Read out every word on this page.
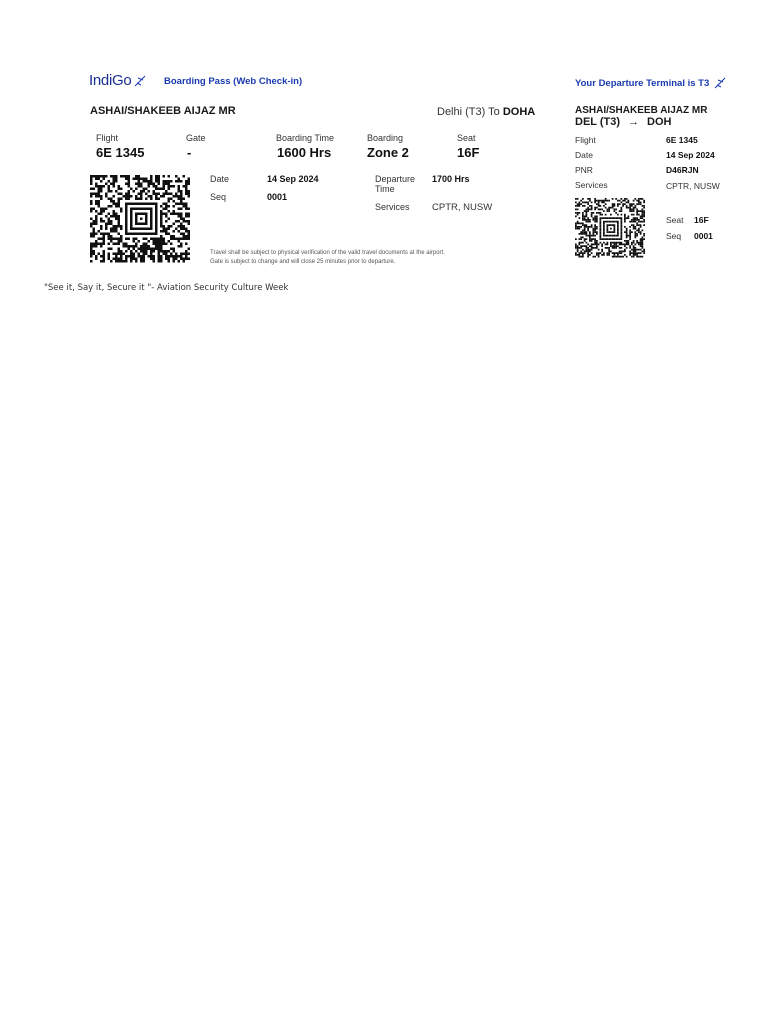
IndiGo	Boarding Pass (Web Check-in)	Your Departure Terminal is T3
ASHAI/SHAKEEB AIJAZ MR	Delhi (T3) To DOHA
Flight
6E 1345
Gate
-
Boarding Time
1600 Hrs
Boarding
Zone 2
Seat
16F
Date	14 Sep 2024
Seq	0001
Departure
Time
1700 Hrs
Services CPTR, NUSW
Travel shall be subject to physical verification of the valid travel documents at the airport.
Gate is subject to change and will close 25 minutes prior to departure.
ASHAI/SHAKEEB AIJAZ MR
DEL (T3) → DOH
Flight	6E 1345
Date	14 Sep 2024
PNR	D46RJN
Services	CPTR, NUSW
Seat 16F
Seq 0001
"See it, Say it, Secure it "- Aviation Security Culture Week
